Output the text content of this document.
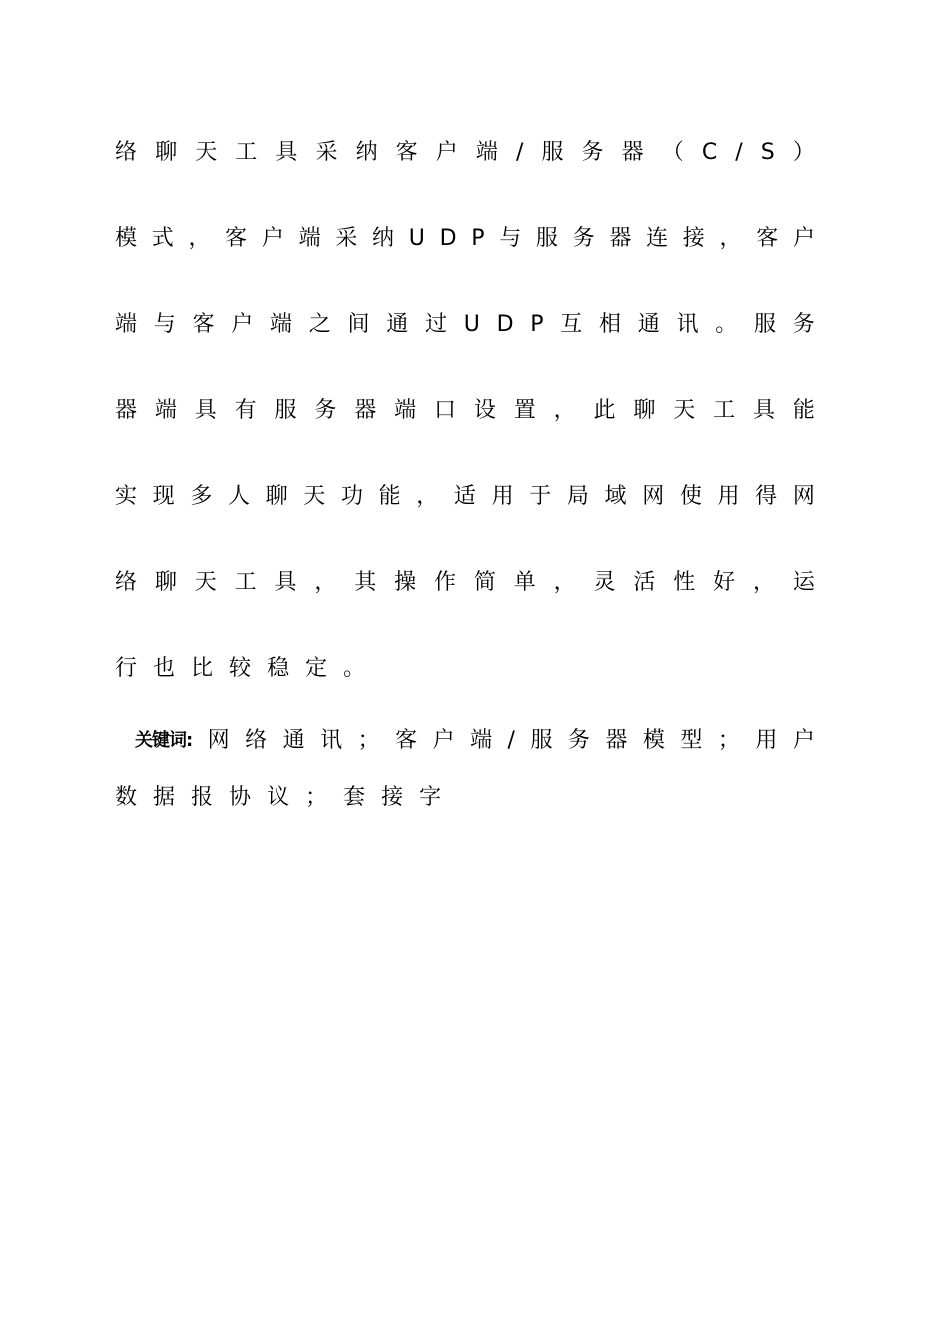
络 聊 天 工 具 采 纳 客 户 端 / 服 务 器 （ C / S ）
模 式 ， 客 户 端 采 纳 U D P 与 服 务 器 连 接 ， 客 户
端 与 客 户 端 之 间 通 过 U D P 互 相 通 讯 。 服 务
器 端 具 有 服 务 器 端 口 设 置 ， 此 聊 天 工 具 能
实 现 多 人 聊 天 功 能 ， 适 用 于 局 域 网 使 用 得 网
络 聊 天 工 具 ， 其 操 作 简 单 ， 灵 活 性 好 ， 运
行 也 比 较 稳 定 。
关键词: 网 络 通 讯 ； 客 户 端 / 服 务 器 模 型 ； 用 户
数 据 报 协 议 ； 套 接 字
